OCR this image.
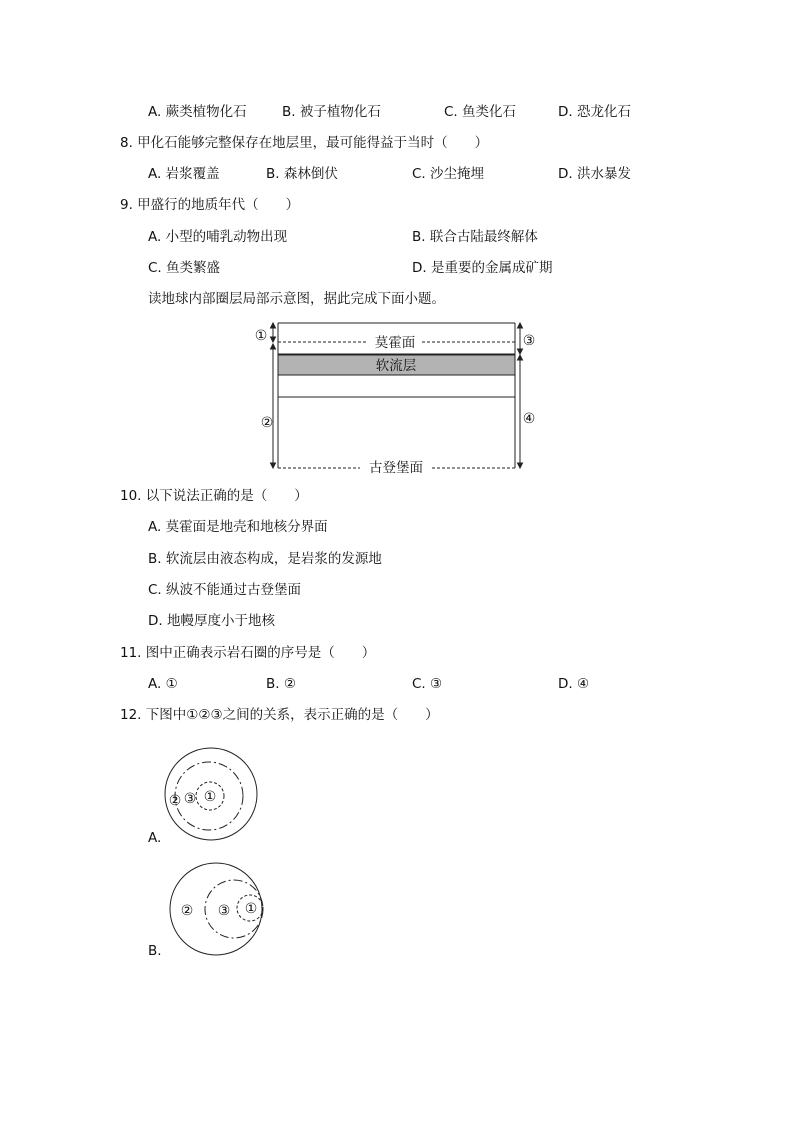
A. 蕨类植物化石	B. 被子植物化石	C. 鱼类化石	D. 恐龙化石
8. 甲化石能够完整保存在地层里，最可能得益于当时（　　）
A. 岩浆覆盖	B. 森林倒伏	C. 沙尘掩埋	D. 洪水暴发
9. 甲盛行的地质年代（　　）
A. 小型的哺乳动物出现	B. 联合古陆最终解体
C. 鱼类繁盛	D. 是重要的金属成矿期
读地球内部圈层局部示意图，据此完成下面小题。
莫霍面
软流层
古登堡面
①
②
③
④
10. 以下说法正确的是（　　）
A. 莫霍面是地壳和地核分界面
B. 软流层由液态构成，是岩浆的发源地
C. 纵波不能通过古登堡面
D. 地幔厚度小于地核
11. 图中正确表示岩石圈的序号是（　　）
A. ①	B. ②	C. ③	D. ④
12. 下图中①②③之间的关系，表示正确的是（　　）
①
② ③
A.
①
② ③
B.
